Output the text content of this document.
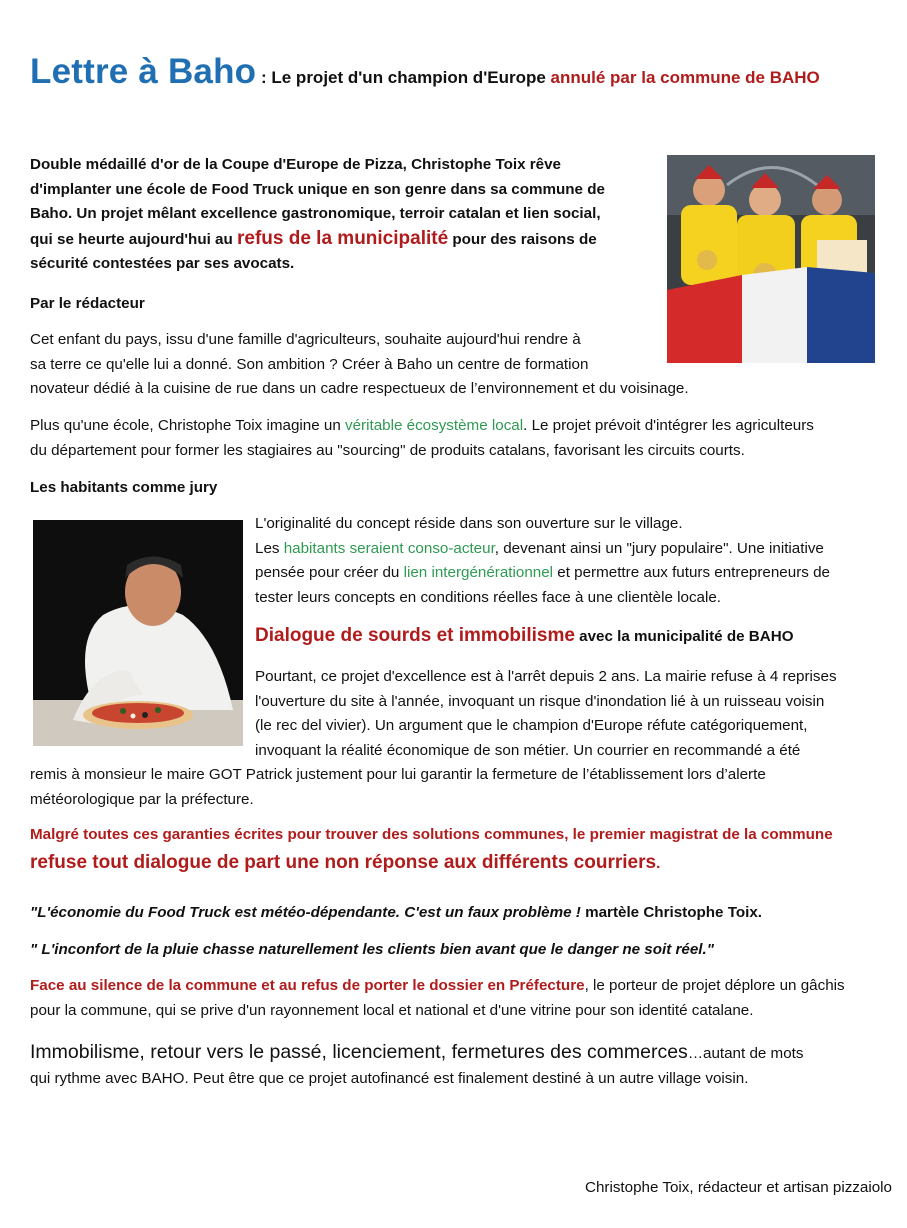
Lettre à Baho : Le projet d'un champion d'Europe annulé par la commune de BAHO
Double médaillé d'or de la Coupe d'Europe de Pizza, Christophe Toix rêve
d'implanter une école de Food Truck unique en son genre dans sa commune de
Baho. Un projet mêlant excellence gastronomique, terroir catalan et lien social,
qui se heurte aujourd'hui au refus de la municipalité pour des raisons de
sécurité contestées par ses avocats.
Par le rédacteur
Cet enfant du pays, issu d'une famille d'agriculteurs, souhaite aujourd'hui rendre à
sa terre ce qu'elle lui a donné. Son ambition ? Créer à Baho un centre de formation
novateur dédié à la cuisine de rue dans un cadre respectueux de l’environnement et du voisinage.
Plus qu'une école, Christophe Toix imagine un véritable écosystème local. Le projet prévoit d'intégrer les agriculteurs
du département pour former les stagiaires au "sourcing" de produits catalans, favorisant les circuits courts.
Les habitants comme jury
L'originalité du concept réside dans son ouverture sur le village.
Les habitants seraient conso-acteur, devenant ainsi un "jury populaire". Une initiative
pensée pour créer du lien intergénérationnel et permettre aux futurs entrepreneurs de
tester leurs concepts en conditions réelles face à une clientèle locale.
Dialogue de sourds et immobilisme avec la municipalité de BAHO
Pourtant, ce projet d'excellence est à l'arrêt depuis 2 ans. La mairie refuse à 4 reprises
l'ouverture du site à l'année, invoquant un risque d'inondation lié à un ruisseau voisin
(le rec del vivier). Un argument que le champion d'Europe réfute catégoriquement,
invoquant la réalité économique de son métier. Un courrier en recommandé a été
remis à monsieur le maire GOT Patrick justement pour lui garantir la fermeture de l’établissement lors d’alerte
météorologique par la préfecture.
Malgré toutes ces garanties écrites pour trouver des solutions communes, le premier magistrat de la commune
refuse tout dialogue de part une non réponse aux différents courriers.
"L'économie du Food Truck est météo-dépendante. C'est un faux problème ! martèle Christophe Toix.
" L'inconfort de la pluie chasse naturellement les clients bien avant que le danger ne soit réel."
Face au silence de la commune et au refus de porter le dossier en Préfecture, le porteur de projet déplore un gâchis
pour la commune, qui se prive d'un rayonnement local et national et d'une vitrine pour son identité catalane.
Immobilisme, retour vers le passé, licenciement, fermetures des commerces…autant de mots
qui rythme avec BAHO. Peut être que ce projet autofinancé est finalement destiné à un autre village voisin.
Christophe Toix, rédacteur et artisan pizzaiolo
